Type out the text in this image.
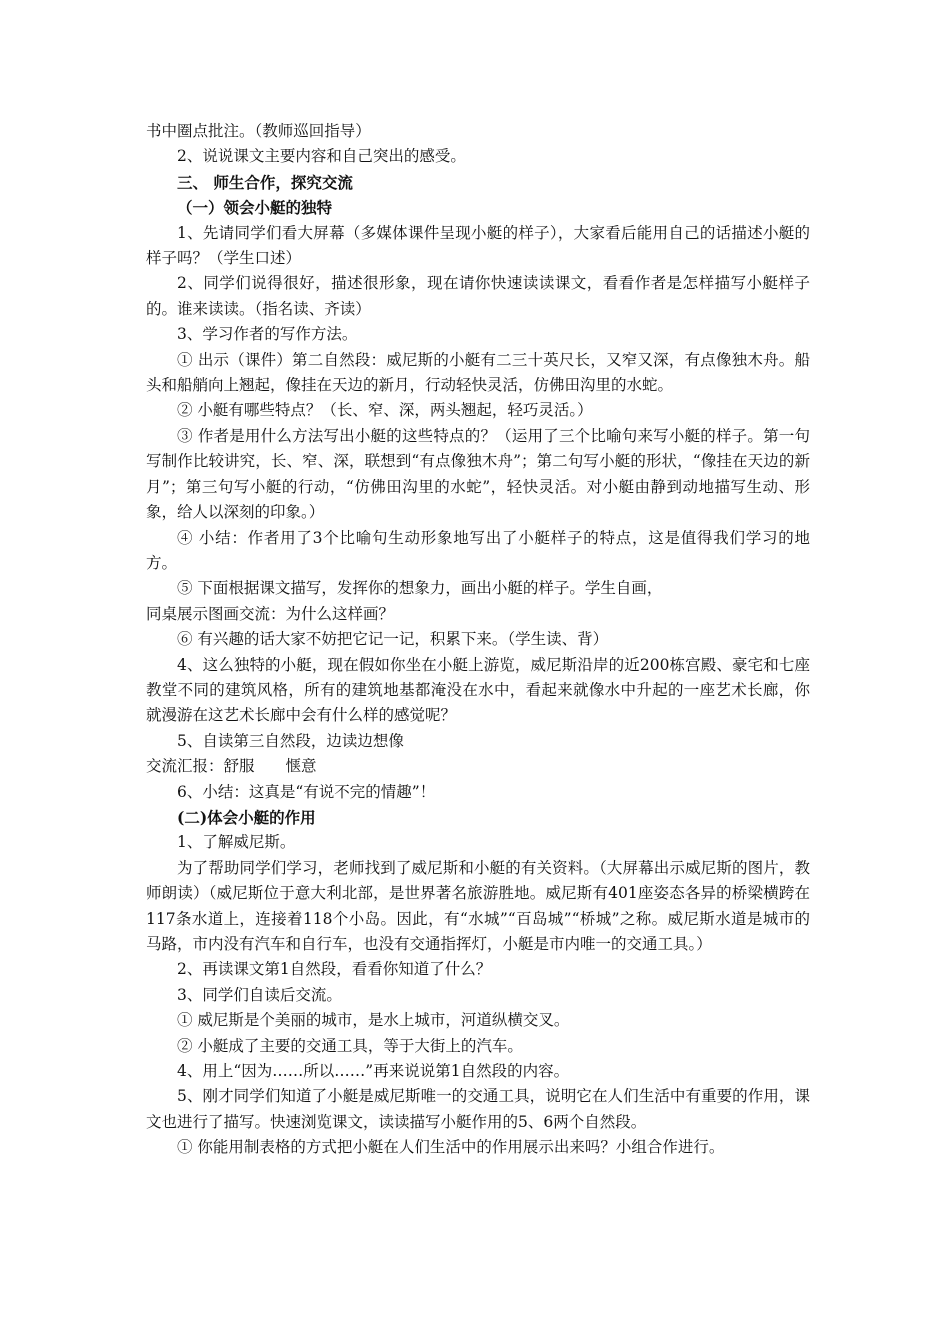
书中圈点批注。（教师巡回指导）

2、说说课文主要内容和自己突出的感受。

三、 师生合作，探究交流

（一）领会小艇的独特

1、先请同学们看大屏幕（多媒体课件呈现小艇的样子），大家看后能用自己的话描述小艇的样子吗？（学生口述）

2、同学们说得很好，描述很形象，现在请你快速读读课文，看看作者是怎样描写小艇样子的。谁来读读。（指名读、齐读）

3、学习作者的写作方法。

① 出示（课件）第二自然段：威尼斯的小艇有二三十英尺长，又窄又深，有点像独木舟。船头和船艄向上翘起，像挂在天边的新月，行动轻快灵活，仿佛田沟里的水蛇。

② 小艇有哪些特点？（长、窄、深，两头翘起，轻巧灵活。）

③ 作者是用什么方法写出小艇的这些特点的？（运用了三个比喻句来写小艇的样子。第一句写制作比较讲究，长、窄、深，联想到“有点像独木舟”；第二句写小艇的形状，“像挂在天边的新月”；第三句写小艇的行动，“仿佛田沟里的水蛇”，轻快灵活。对小艇由静到动地描写生动、形象，给人以深刻的印象。）

④ 小结：作者用了3个比喻句生动形象地写出了小艇样子的特点，这是值得我们学习的地方。

⑤ 下面根据课文描写，发挥你的想象力，画出小艇的样子。学生自画，

同桌展示图画交流：为什么这样画？

⑥ 有兴趣的话大家不妨把它记一记，积累下来。（学生读、背）

4、这么独特的小艇，现在假如你坐在小艇上游览，威尼斯沿岸的近200栋宫殿、豪宅和七座教堂不同的建筑风格，所有的建筑地基都淹没在水中，看起来就像水中升起的一座艺术长廊，你就漫游在这艺术长廊中会有什么样的感觉呢？

5、自读第三自然段，边读边想像

交流汇报：舒服　　惬意

6、小结：这真是“有说不完的情趣”！

(二)体会小艇的作用

1、了解威尼斯。

为了帮助同学们学习，老师找到了威尼斯和小艇的有关资料。（大屏幕出示威尼斯的图片，教师朗读）（威尼斯位于意大利北部，是世界著名旅游胜地。威尼斯有401座姿态各异的桥梁横跨在117条水道上，连接着118个小岛。因此，有“水城”“百岛城”“桥城”之称。威尼斯水道是城市的马路，市内没有汽车和自行车，也没有交通指挥灯，小艇是市内唯一的交通工具。）

2、再读课文第1自然段，看看你知道了什么？

3、同学们自读后交流。

① 威尼斯是个美丽的城市，是水上城市，河道纵横交叉。

② 小艇成了主要的交通工具，等于大街上的汽车。

4、用上“因为……所以……”再来说说第1自然段的内容。

5、刚才同学们知道了小艇是威尼斯唯一的交通工具，说明它在人们生活中有重要的作用，课文也进行了描写。快速浏览课文，读读描写小艇作用的5、6两个自然段。

① 你能用制表格的方式把小艇在人们生活中的作用展示出来吗？小组合作进行。
